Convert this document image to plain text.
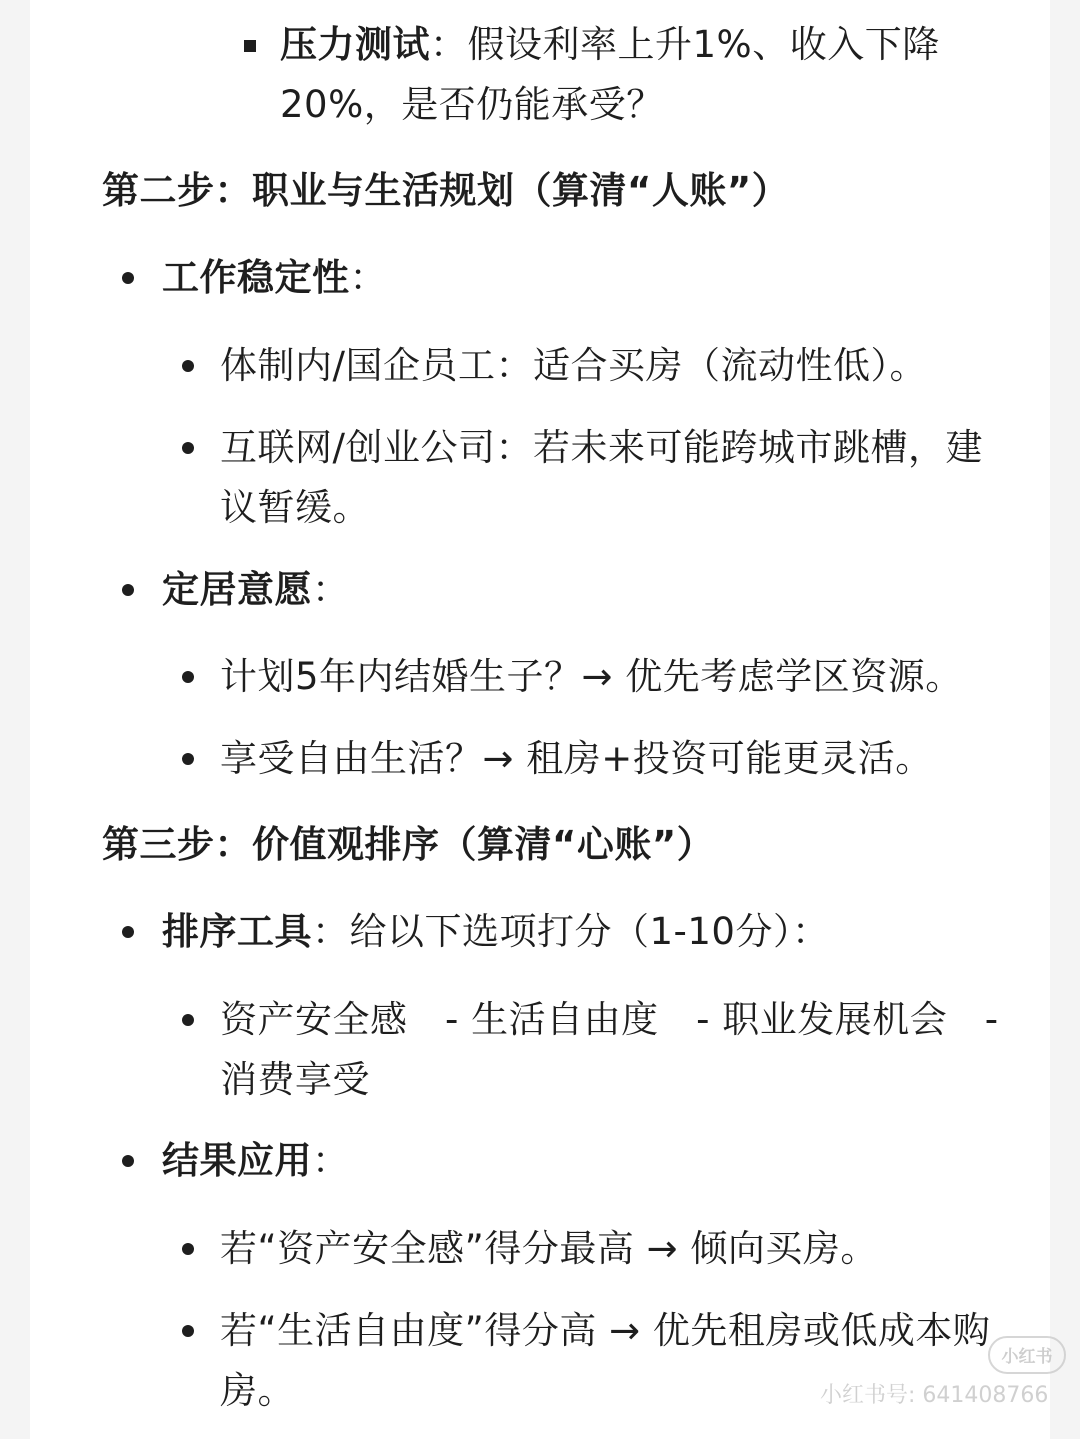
压力测试：假设利率上升1%、收入下降
20%，是否仍能承受？
第二步：职业与生活规划（算清“人账”）
工作稳定性：
体制内/国企员工：适合买房（流动性低）。
互联网/创业公司：若未来可能跨城市跳槽，建
议暂缓。
定居意愿：
计划5年内结婚生子？→ 优先考虑学区资源。
享受自由生活？→ 租房+投资可能更灵活。
第三步：价值观排序（算清“心账”）
排序工具：给以下选项打分（1-10分）：
资产安全感　- 生活自由度　- 职业发展机会　-
消费享受
结果应用：
若“资产安全感”得分最高 → 倾向买房。
若“生活自由度”得分高 → 优先租房或低成本购
房。
小红书
小红书号: 641408766
